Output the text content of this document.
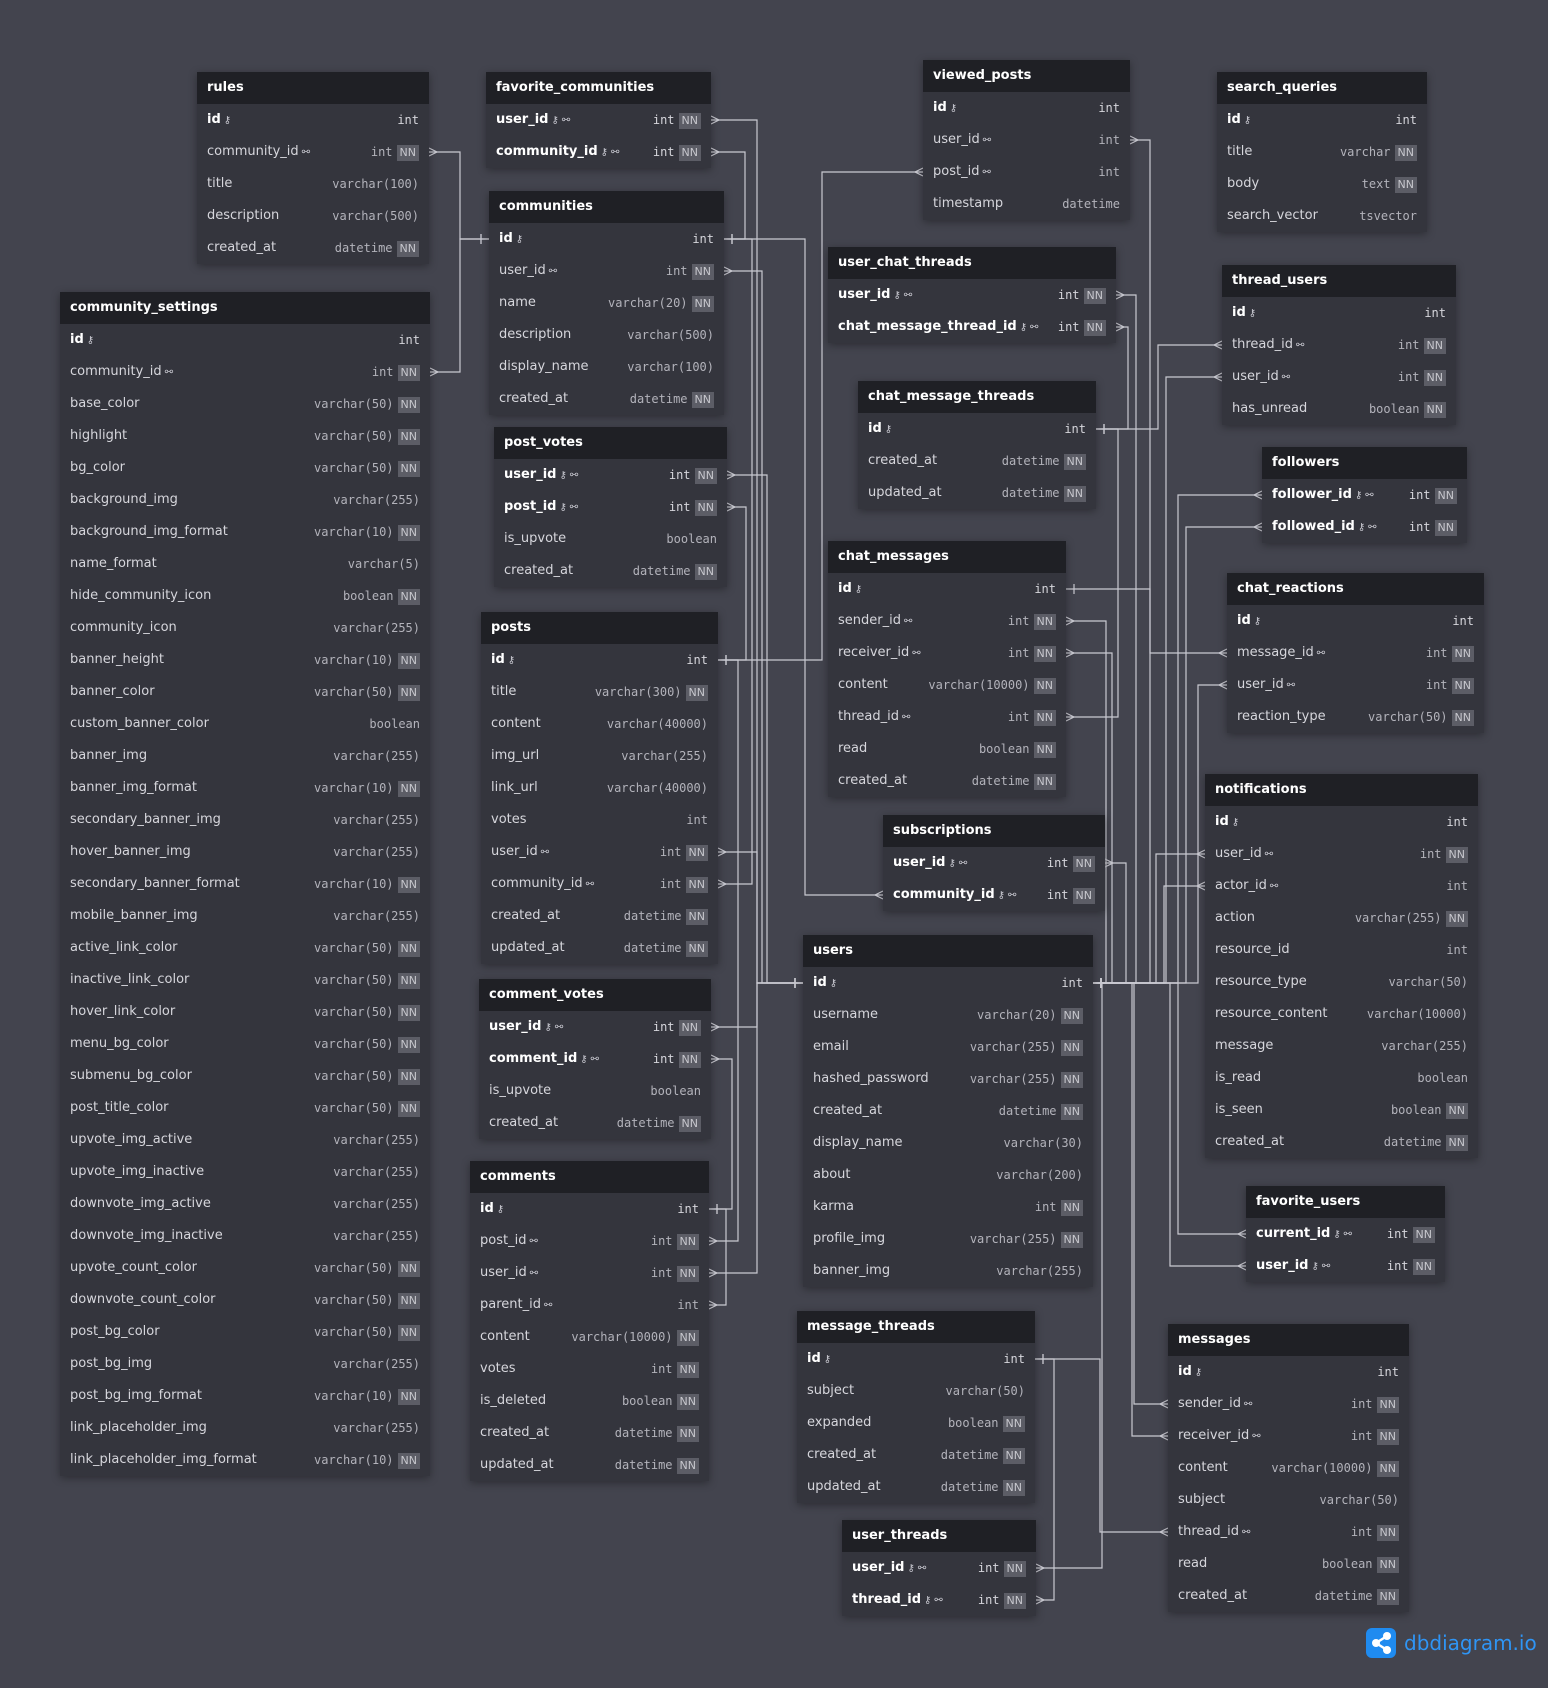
rules
id ⚷	int
community_id ⚯	int NN
title	varchar(100)
description	varchar(500)
created_at	datetime NN
favorite_communities
user_id ⚷ ⚯	int NN
community_id ⚷ ⚯	int NN
viewed_posts
id ⚷	int
user_id ⚯	int
post_id ⚯	int
timestamp	datetime
search_queries
id ⚷	int
title	varchar NN
body	text NN
search_vector	tsvector
community_settings
id ⚷	int
community_id ⚯	int NN
base_color	varchar(50) NN
highlight	varchar(50) NN
bg_color	varchar(50) NN
background_img	varchar(255)
background_img_format	varchar(10) NN
name_format	varchar(5)
hide_community_icon	boolean NN
community_icon	varchar(255)
banner_height	varchar(10) NN
banner_color	varchar(50) NN
custom_banner_color	boolean
banner_img	varchar(255)
banner_img_format	varchar(10) NN
secondary_banner_img	varchar(255)
hover_banner_img	varchar(255)
secondary_banner_format	varchar(10) NN
mobile_banner_img	varchar(255)
active_link_color	varchar(50) NN
inactive_link_color	varchar(50) NN
hover_link_color	varchar(50) NN
menu_bg_color	varchar(50) NN
submenu_bg_color	varchar(50) NN
post_title_color	varchar(50) NN
upvote_img_active	varchar(255)
upvote_img_inactive	varchar(255)
downvote_img_active	varchar(255)
downvote_img_inactive	varchar(255)
upvote_count_color	varchar(50) NN
downvote_count_color	varchar(50) NN
post_bg_color	varchar(50) NN
post_bg_img	varchar(255)
post_bg_img_format	varchar(10) NN
link_placeholder_img	varchar(255)
link_placeholder_img_format	varchar(10) NN
communities
id ⚷	int
user_id ⚯	int NN
name	varchar(20) NN
description	varchar(500)
display_name	varchar(100)
created_at	datetime NN
user_chat_threads
user_id ⚷ ⚯	int NN
chat_message_thread_id ⚷ ⚯	int NN
thread_users
id ⚷	int
thread_id ⚯	int NN
user_id ⚯	int NN
has_unread	boolean NN
chat_message_threads
id ⚷	int
created_at	datetime NN
updated_at	datetime NN
post_votes
user_id ⚷ ⚯	int NN
post_id ⚷ ⚯	int NN
is_upvote	boolean
created_at	datetime NN
followers
follower_id ⚷ ⚯	int NN
followed_id ⚷ ⚯	int NN
chat_messages
id ⚷	int
sender_id ⚯	int NN
receiver_id ⚯	int NN
content	varchar(10000) NN
thread_id ⚯	int NN
read	boolean NN
created_at	datetime NN
chat_reactions
id ⚷	int
message_id ⚯	int NN
user_id ⚯	int NN
reaction_type	varchar(50) NN
posts
id ⚷	int
title	varchar(300) NN
content	varchar(40000)
img_url	varchar(255)
link_url	varchar(40000)
votes	int
user_id ⚯	int NN
community_id ⚯	int NN
created_at	datetime NN
updated_at	datetime NN
notifications
id ⚷	int
user_id ⚯	int NN
actor_id ⚯	int
action	varchar(255) NN
resource_id	int
resource_type	varchar(50)
resource_content	varchar(10000)
message	varchar(255)
is_read	boolean
is_seen	boolean NN
created_at	datetime NN
subscriptions
user_id ⚷ ⚯	int NN
community_id ⚷ ⚯	int NN
users
id ⚷	int
username	varchar(20) NN
email	varchar(255) NN
hashed_password	varchar(255) NN
created_at	datetime NN
display_name	varchar(30)
about	varchar(200)
karma	int NN
profile_img	varchar(255) NN
banner_img	varchar(255)
comment_votes
user_id ⚷ ⚯	int NN
comment_id ⚷ ⚯	int NN
is_upvote	boolean
created_at	datetime NN
comments
id ⚷	int
post_id ⚯	int NN
user_id ⚯	int NN
parent_id ⚯	int
content	varchar(10000) NN
votes	int NN
is_deleted	boolean NN
created_at	datetime NN
updated_at	datetime NN
favorite_users
current_id ⚷ ⚯	int NN
user_id ⚷ ⚯	int NN
message_threads
id ⚷	int
subject	varchar(50)
expanded	boolean NN
created_at	datetime NN
updated_at	datetime NN
messages
id ⚷	int
sender_id ⚯	int NN
receiver_id ⚯	int NN
content	varchar(10000) NN
subject	varchar(50)
thread_id ⚯	int NN
read	boolean NN
created_at	datetime NN
user_threads
user_id ⚷ ⚯	int NN
thread_id ⚷ ⚯	int NN
dbdiagram.io
